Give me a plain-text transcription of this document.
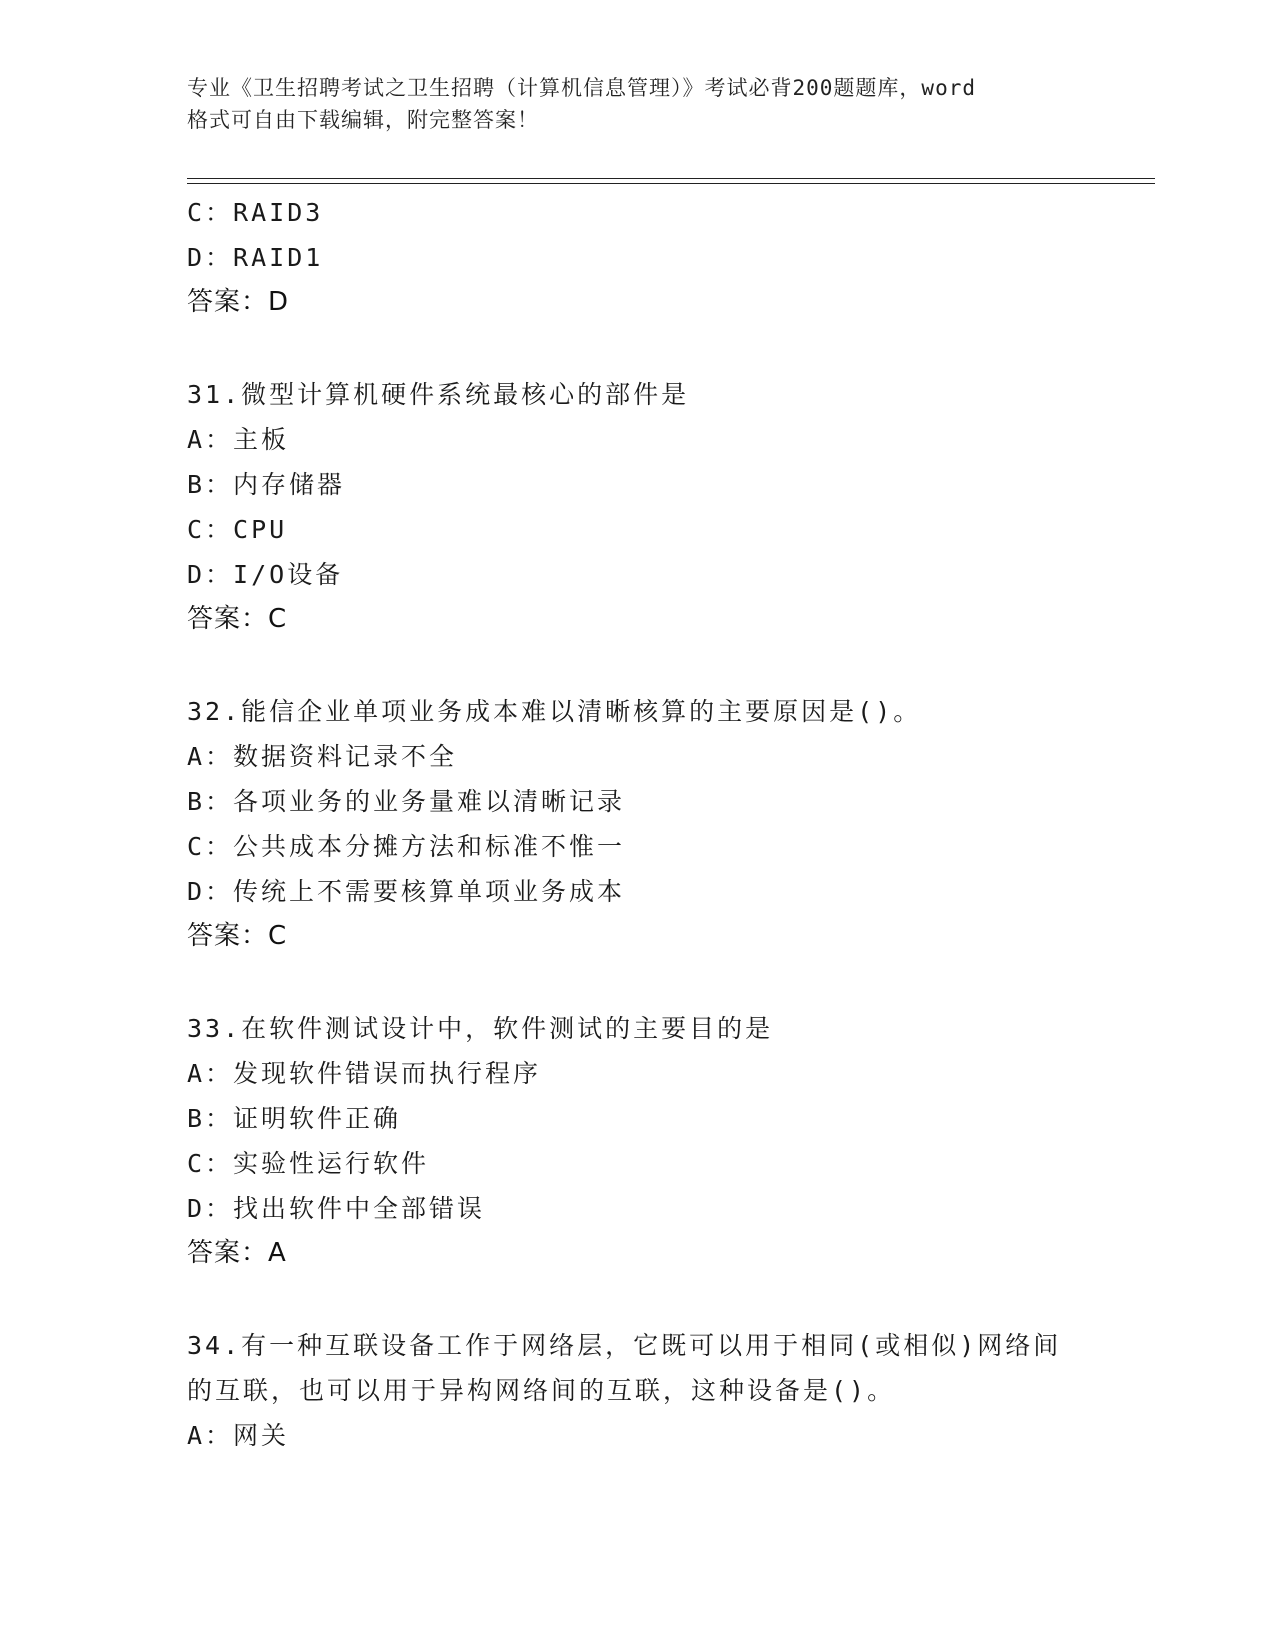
专业《卫生招聘考试之卫生招聘（计算机信息管理）》考试必背200题题库，word
格式可自由下载编辑，附完整答案！
C：RAID3
D：RAID1
答案：D
31.微型计算机硬件系统最核心的部件是
A：主板
B：内存储器
C：CPU
D：I/O设备
答案：C
32.能信企业单项业务成本难以清晰核算的主要原因是()。
A：数据资料记录不全
B：各项业务的业务量难以清晰记录
C：公共成本分摊方法和标准不惟一
D：传统上不需要核算单项业务成本
答案：C
33.在软件测试设计中，软件测试的主要目的是
A：发现软件错误而执行程序
B：证明软件正确
C：实验性运行软件
D：找出软件中全部错误
答案：A
34.有一种互联设备工作于网络层，它既可以用于相同(或相似)网络间
的互联，也可以用于异构网络间的互联，这种设备是()。
A：网关
